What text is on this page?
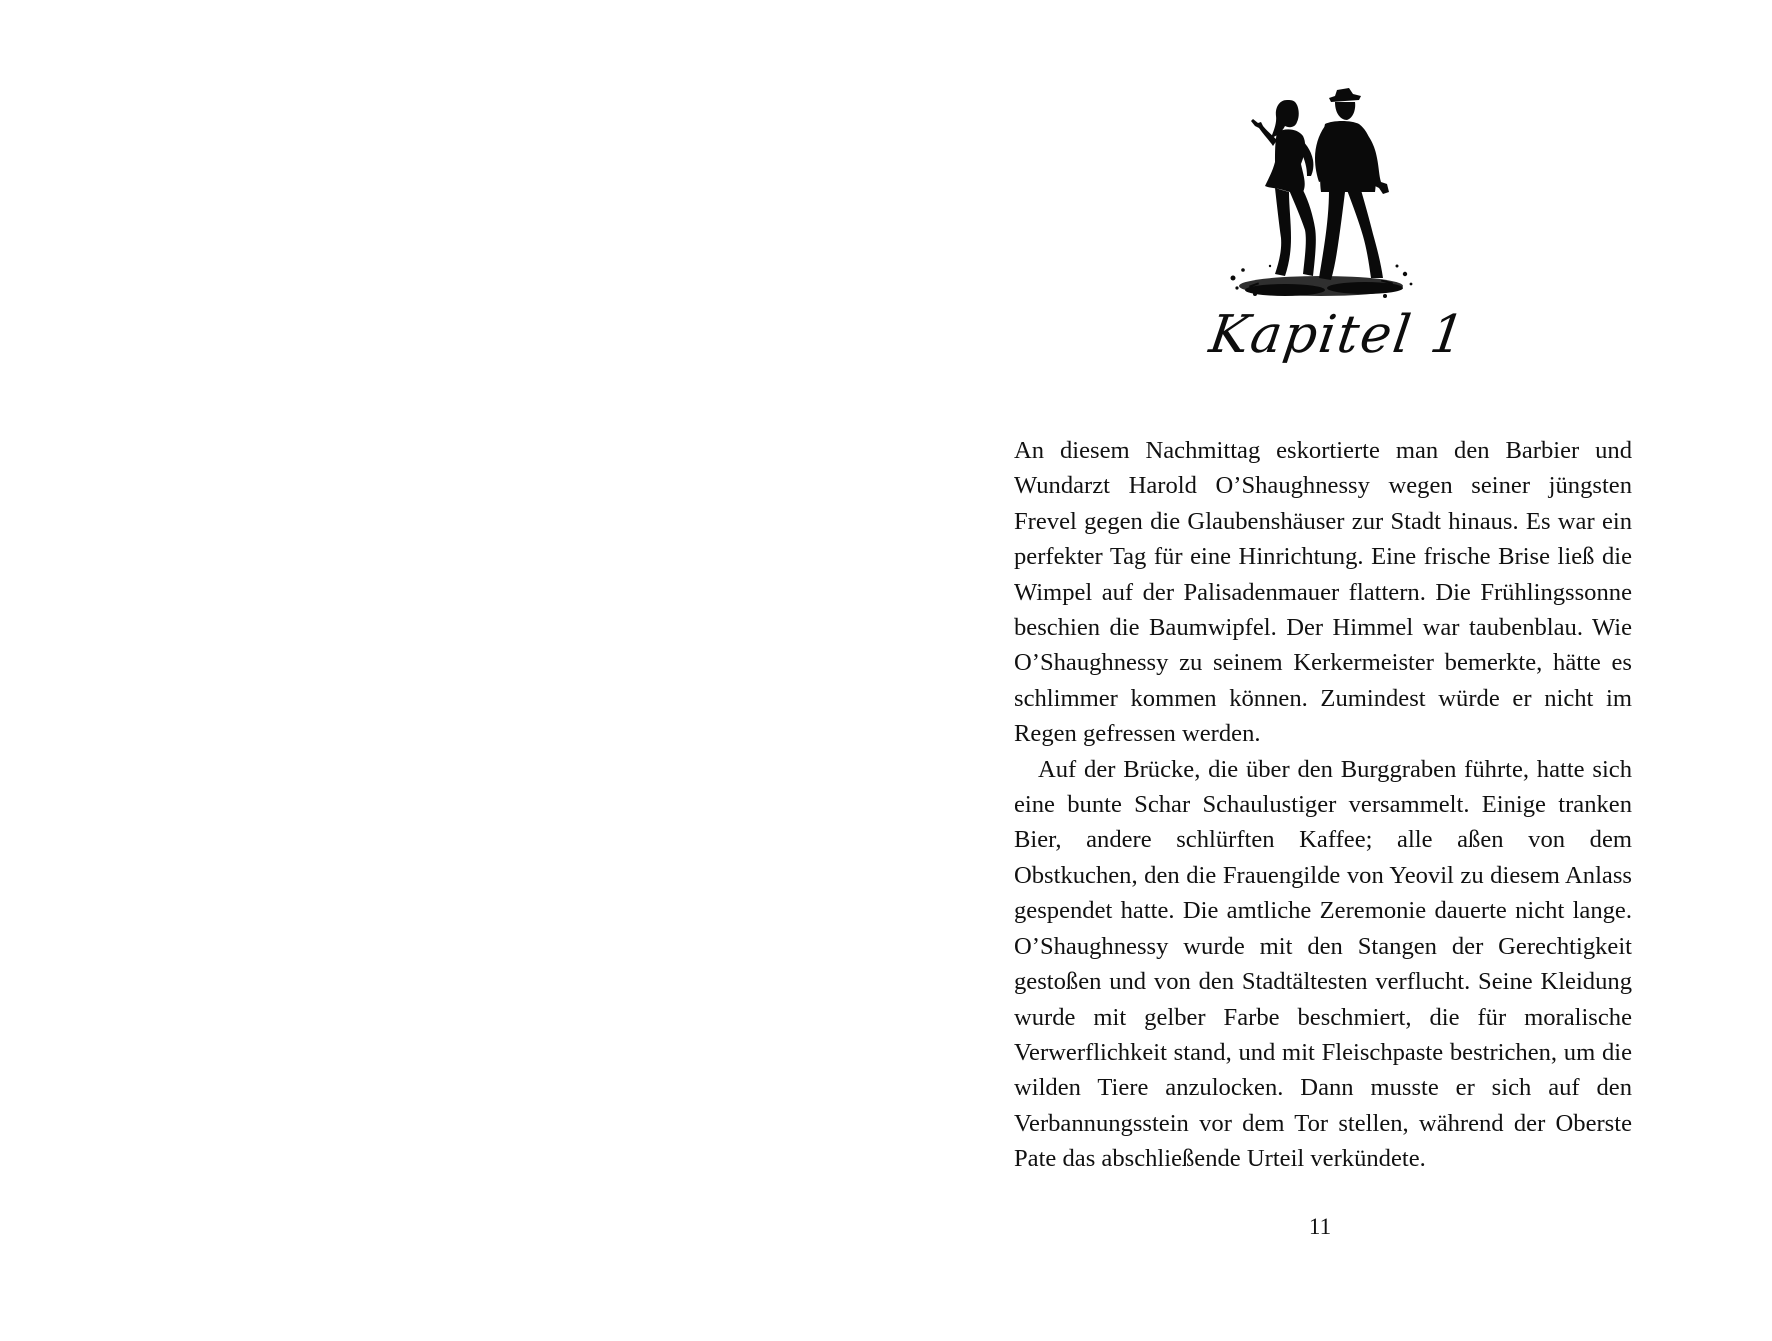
Kapitel 1

An diesem Nachmittag eskortierte man den Barbier und Wundarzt Harold O’Shaughnessy wegen seiner jüngsten Frevel gegen die Glaubenshäuser zur Stadt hinaus. Es war ein perfekter Tag für eine Hinrichtung. Eine frische Brise ließ die Wimpel auf der Palisadenmauer flattern. Die Frühlingssonne beschien die Baumwipfel. Der Himmel war taubenblau. Wie O’Shaughnessy zu seinem Kerkermeister bemerkte, hätte es schlimmer kommen können. Zumindest würde er nicht im Regen gefressen werden.

Auf der Brücke, die über den Burggraben führte, hatte sich eine bunte Schar Schaulustiger versammelt. Einige tranken Bier, andere schlürften Kaffee; alle aßen von dem Obstkuchen, den die Frauengilde von Yeovil zu diesem Anlass gespendet hatte. Die amtliche Zeremonie dauerte nicht lange. O’Shaughnessy wurde mit den Stangen der Gerechtigkeit gestoßen und von den Stadtältesten verflucht. Seine Kleidung wurde mit gelber Farbe beschmiert, die für moralische Verwerflichkeit stand, und mit Fleischpaste bestrichen, um die wilden Tiere anzulocken. Dann musste er sich auf den Verbannungsstein vor dem Tor stellen, während der Oberste Pate das abschließende Urteil verkündete.

11
